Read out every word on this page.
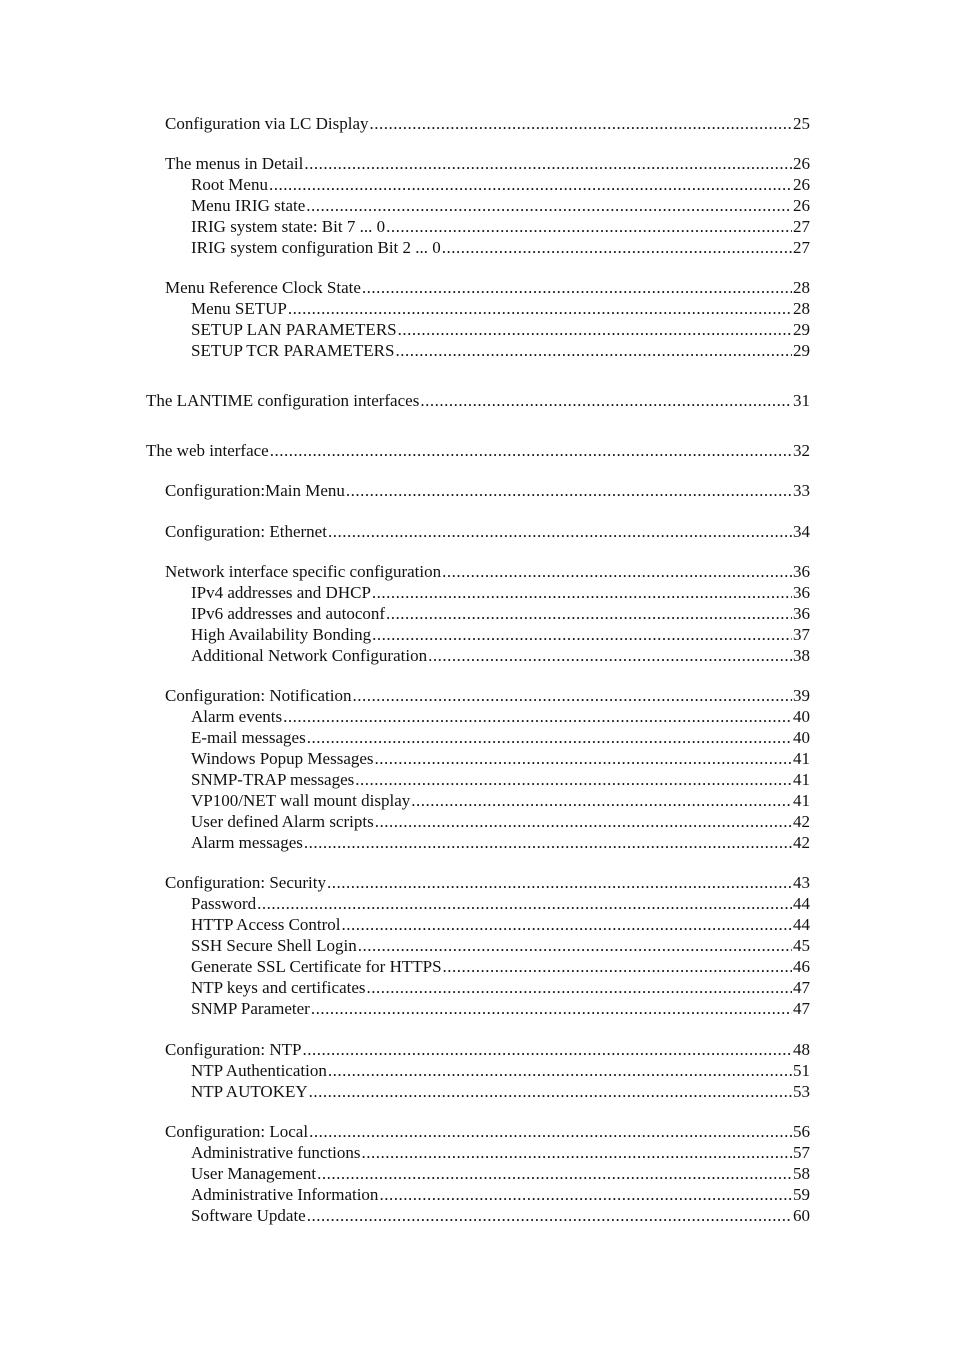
Configuration via LC Display .....	25
The menus in Detail .....	26
Root Menu .....	26
Menu IRIG state .....	26
IRIG system state: Bit 7 ... 0 .....	27
IRIG system configuration Bit 2 ... 0 .....	27
Menu Reference Clock State .....	28
Menu SETUP .....	28
SETUP LAN PARAMETERS .....	29
SETUP TCR PARAMETERS .....	29
The LANTIME configuration interfaces .....	31
The web interface .....	32
Configuration:Main Menu .....	33
Configuration: Ethernet .....	34
Network interface specific configuration .....	36
IPv4 addresses and DHCP .....	36
IPv6 addresses and autoconf .....	36
High Availability Bonding .....	37
Additional Network Configuration .....	38
Configuration: Notification .....	39
Alarm events .....	40
E-mail messages .....	40
Windows Popup Messages .....	41
SNMP-TRAP messages .....	41
VP100/NET wall mount display .....	41
User defined Alarm scripts .....	42
Alarm messages .....	42
Configuration: Security .....	43
Password .....	44
HTTP Access Control .....	44
SSH Secure Shell Login .....	45
Generate SSL Certificate for HTTPS .....	46
NTP keys and certificates .....	47
SNMP Parameter .....	47
Configuration: NTP .....	48
NTP Authentication .....	51
NTP AUTOKEY .....	53
Configuration: Local .....	56
Administrative functions .....	57
User Management .....	58
Administrative Information .....	59
Software Update .....	60
